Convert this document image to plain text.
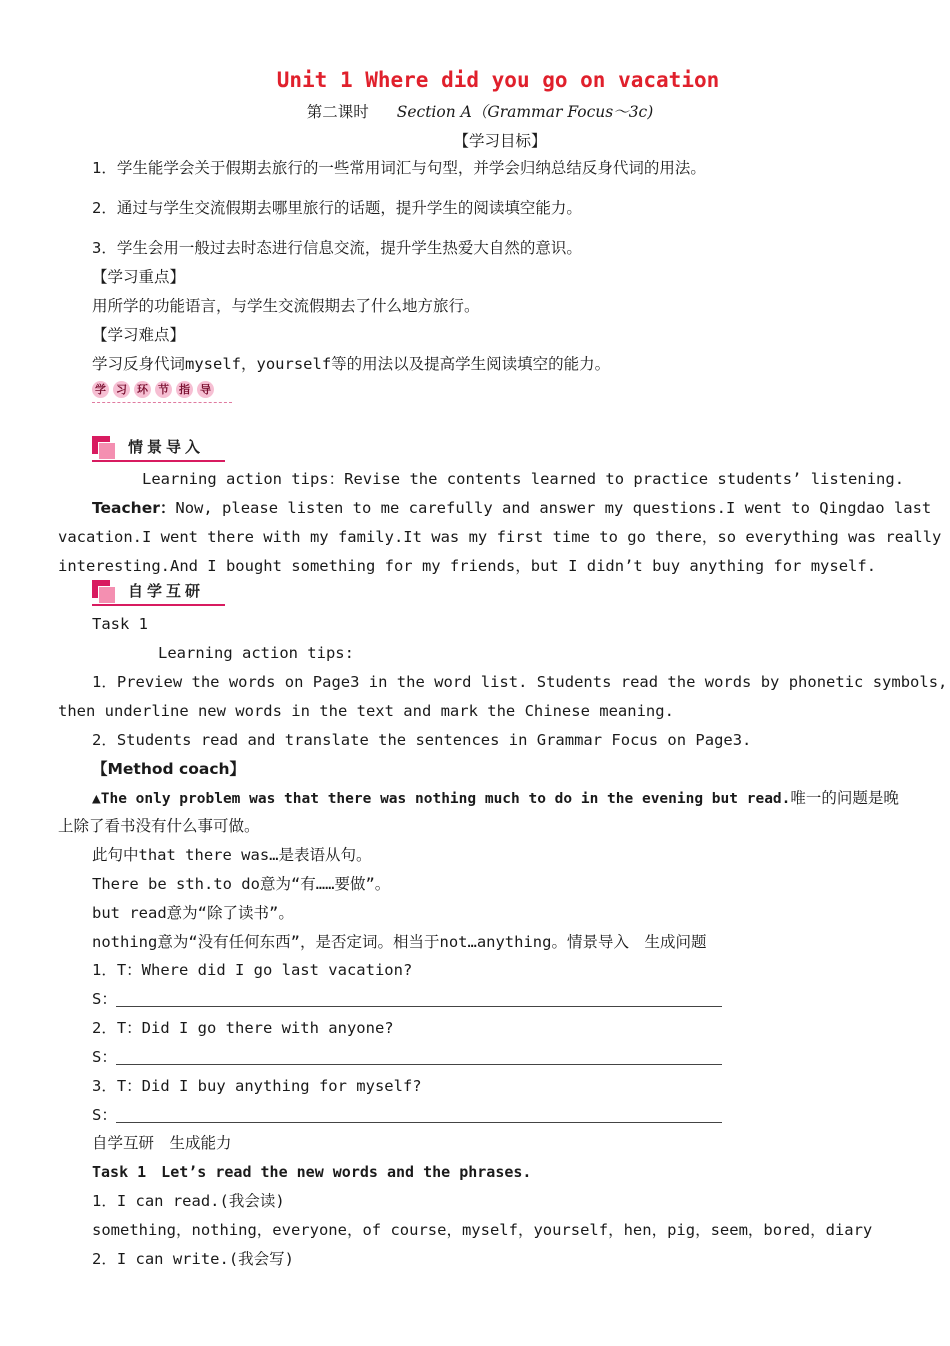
Unit 1 Where did you go on vacation
第二课时 Section A（Grammar Focus～3c)
【学习目标】
1．学生能学会关于假期去旅行的一些常用词汇与句型，并学会归纳总结反身代词的用法。
2．通过与学生交流假期去哪里旅行的话题，提升学生的阅读填空能力。
3．学生会用一般过去时态进行信息交流，提升学生热爱大自然的意识。
【学习重点】
用所学的功能语言，与学生交流假期去了什么地方旅行。
【学习难点】
学习反身代词myself，yourself等的用法以及提高学生阅读填空的能力。
学 习 环 节 指 导
情景导入
Learning action tips：Revise the contents learned to practice students’ listening.
Teacher：Now, please listen to me carefully and answer my questions.I went to Qingdao last
vacation.I went there with my family.It was my first time to go there，so everything was really
interesting.And I bought something for my friends，but I didn’t buy anything for myself.
自学互研
Task 1
Learning action tips:
1．Preview the words on Page3 in the word list. Students read the words by phonetic symbols,
then underline new words in the text and mark the Chinese meaning.
2．Students read and translate the sentences in Grammar Focus on Page3.
【Method coach】
▲The only problem was that there was nothing much to do in the evening but read.唯一的问题是晚
上除了看书没有什么事可做。
此句中that there was…是表语从句。
There be sth.to do意为“有……要做”。
but read意为“除了读书”。
nothing意为“没有任何东西”，是否定词。相当于not…anything。情景导入　生成问题
1．T：Where did I go last vacation?
S：
2．T：Did I go there with anyone?
S：
3．T：Did I buy anything for myself?
S：
自学互研　生成能力
Task 1　Let’s read the new words and the phrases.
1．I can read.(我会读)
something，nothing，everyone，of course，myself，yourself，hen，pig，seem，bored，diary
2．I can write.(我会写)
